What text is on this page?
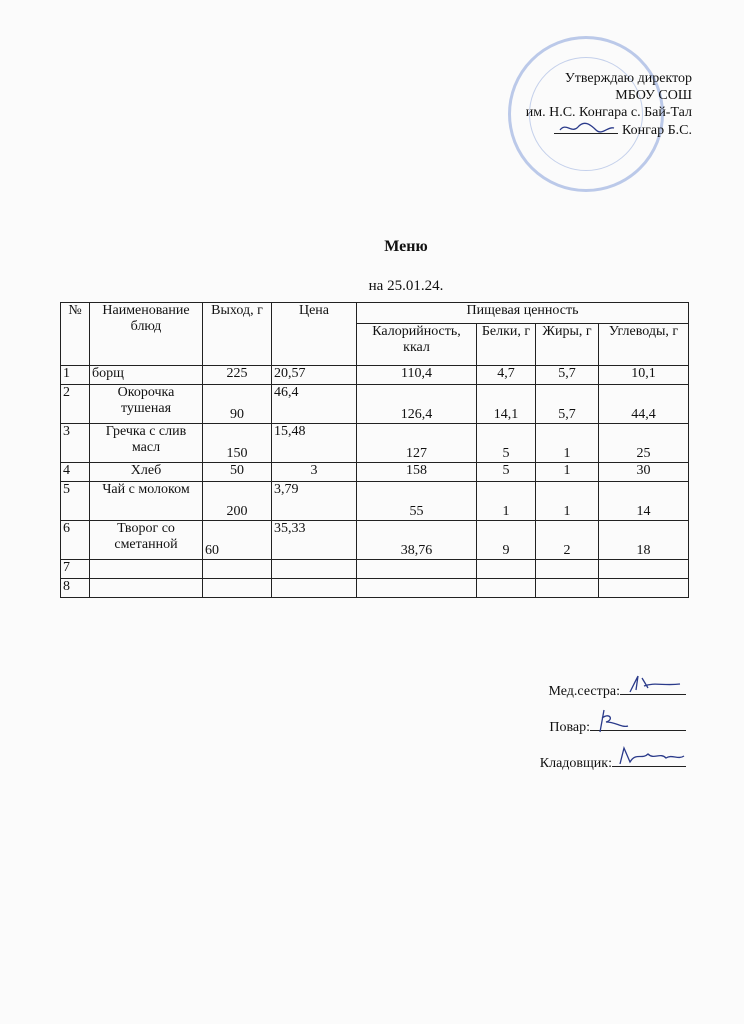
Утверждаю директор
МБОУ СОШ
им. Н.С. Конгара с. Бай-Тал
Конгар Б.С.
Меню
на 25.01.24.
№	Наименование блюд	Выход, г	Цена	Пищевая ценность			
				Калорийность, ккал	Белки, г	Жиры, г	Углеводы, г
1	борщ	225	20,57	110,4	4,7	5,7	10,1
2	Окорочка тушеная	90	46,4	126,4	14,1	5,7	44,4
3	Гречка с слив масл	150	15,48	127	5	1	25
4	Хлеб	50	3	158	5	1	30
5	Чай с молоком	200	3,79	55	1	1	14
6	Творог со сметанной	60	35,33	38,76	9	2	18
7							
8							
Мед.сестра:
Повар:
Кладовщик:
